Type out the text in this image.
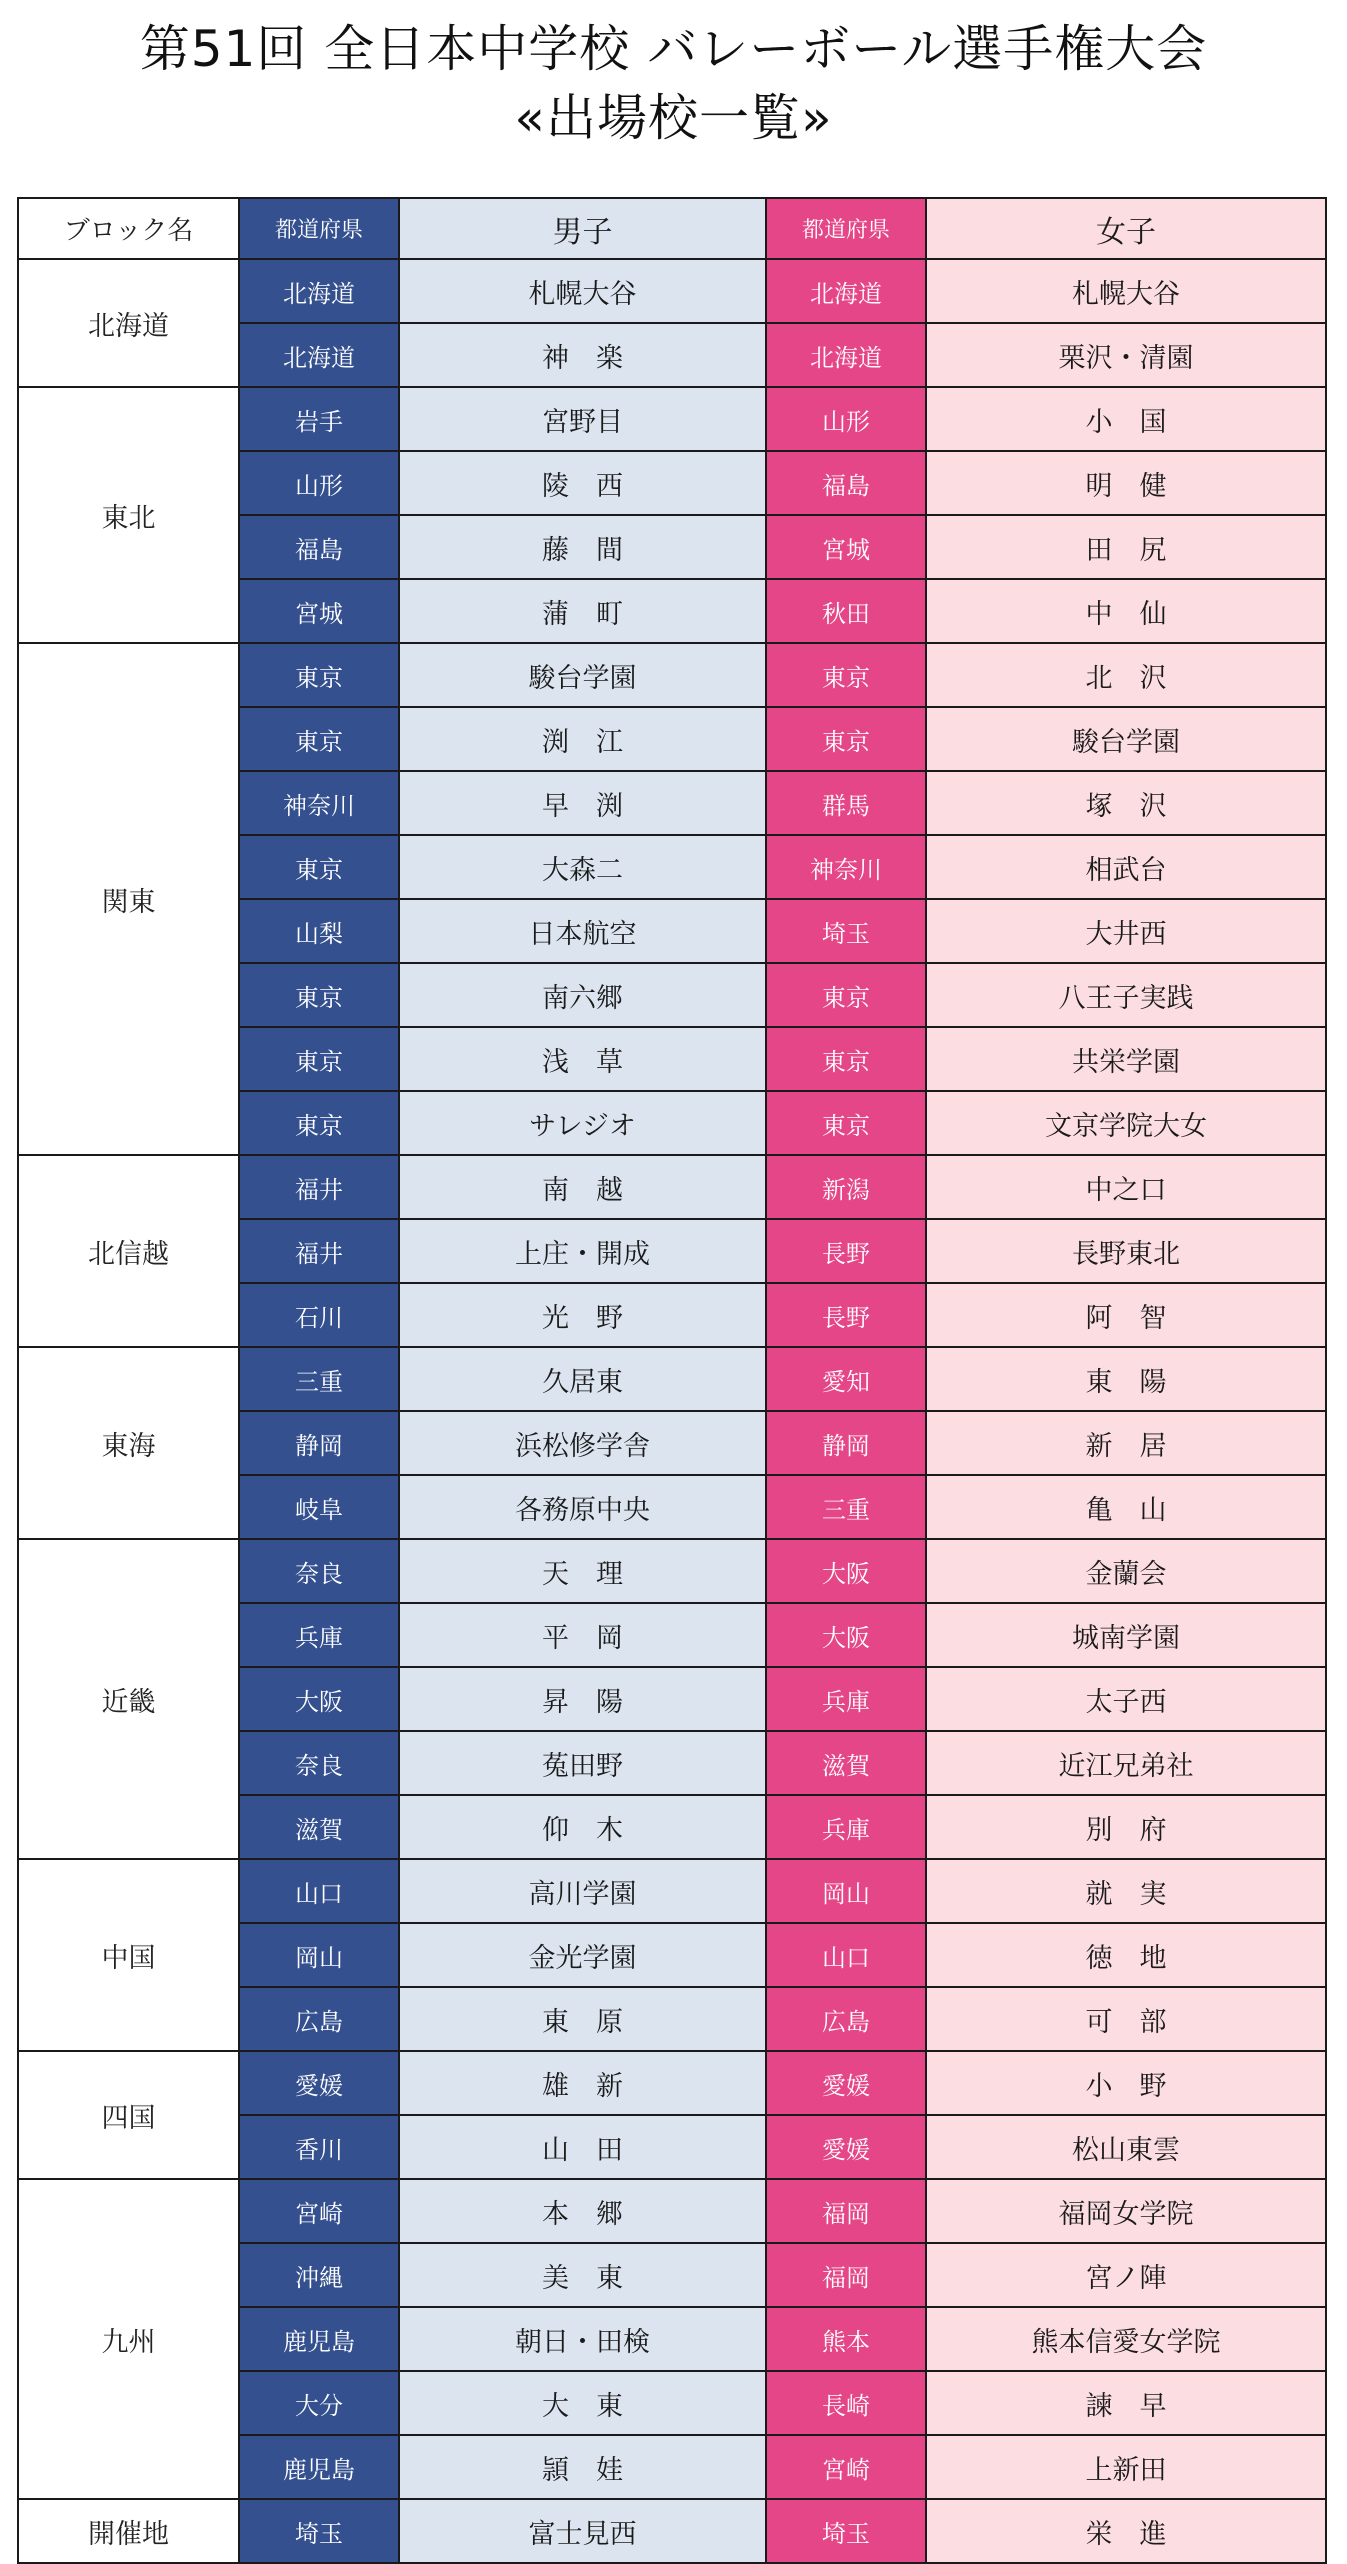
第51回 全日本中学校 バレーボール選手権大会
«出場校一覧»
ブロック名	都道府県	男子	都道府県	女子
北海道	北海道	札幌大谷	北海道	札幌大谷
	北海道	神　楽	北海道	栗沢・清園
東北	岩手	宮野目	山形	小　国
	山形	陵　西	福島	明　健
	福島	藤　間	宮城	田　尻
	宮城	蒲　町	秋田	中　仙
関東	東京	駿台学園	東京	北　沢
	東京	渕　江	東京	駿台学園
	神奈川	早　渕	群馬	塚　沢
	東京	大森二	神奈川	相武台
	山梨	日本航空	埼玉	大井西
	東京	南六郷	東京	八王子実践
	東京	浅　草	東京	共栄学園
	東京	サレジオ	東京	文京学院大女
北信越	福井	南　越	新潟	中之口
	福井	上庄・開成	長野	長野東北
	石川	光　野	長野	阿　智
東海	三重	久居東	愛知	東　陽
	静岡	浜松修学舎	静岡	新　居
	岐阜	各務原中央	三重	亀　山
近畿	奈良	天　理	大阪	金蘭会
	兵庫	平　岡	大阪	城南学園
	大阪	昇　陽	兵庫	太子西
	奈良	菟田野	滋賀	近江兄弟社
	滋賀	仰　木	兵庫	別　府
中国	山口	高川学園	岡山	就　実
	岡山	金光学園	山口	徳　地
	広島	東　原	広島	可　部
四国	愛媛	雄　新	愛媛	小　野
	香川	山　田	愛媛	松山東雲
九州	宮崎	本　郷	福岡	福岡女学院
	沖縄	美　東	福岡	宮ノ陣
	鹿児島	朝日・田検	熊本	熊本信愛女学院
	大分	大　東	長崎	諫　早
	鹿児島	頴　娃	宮崎	上新田
開催地	埼玉	富士見西	埼玉	栄　進
